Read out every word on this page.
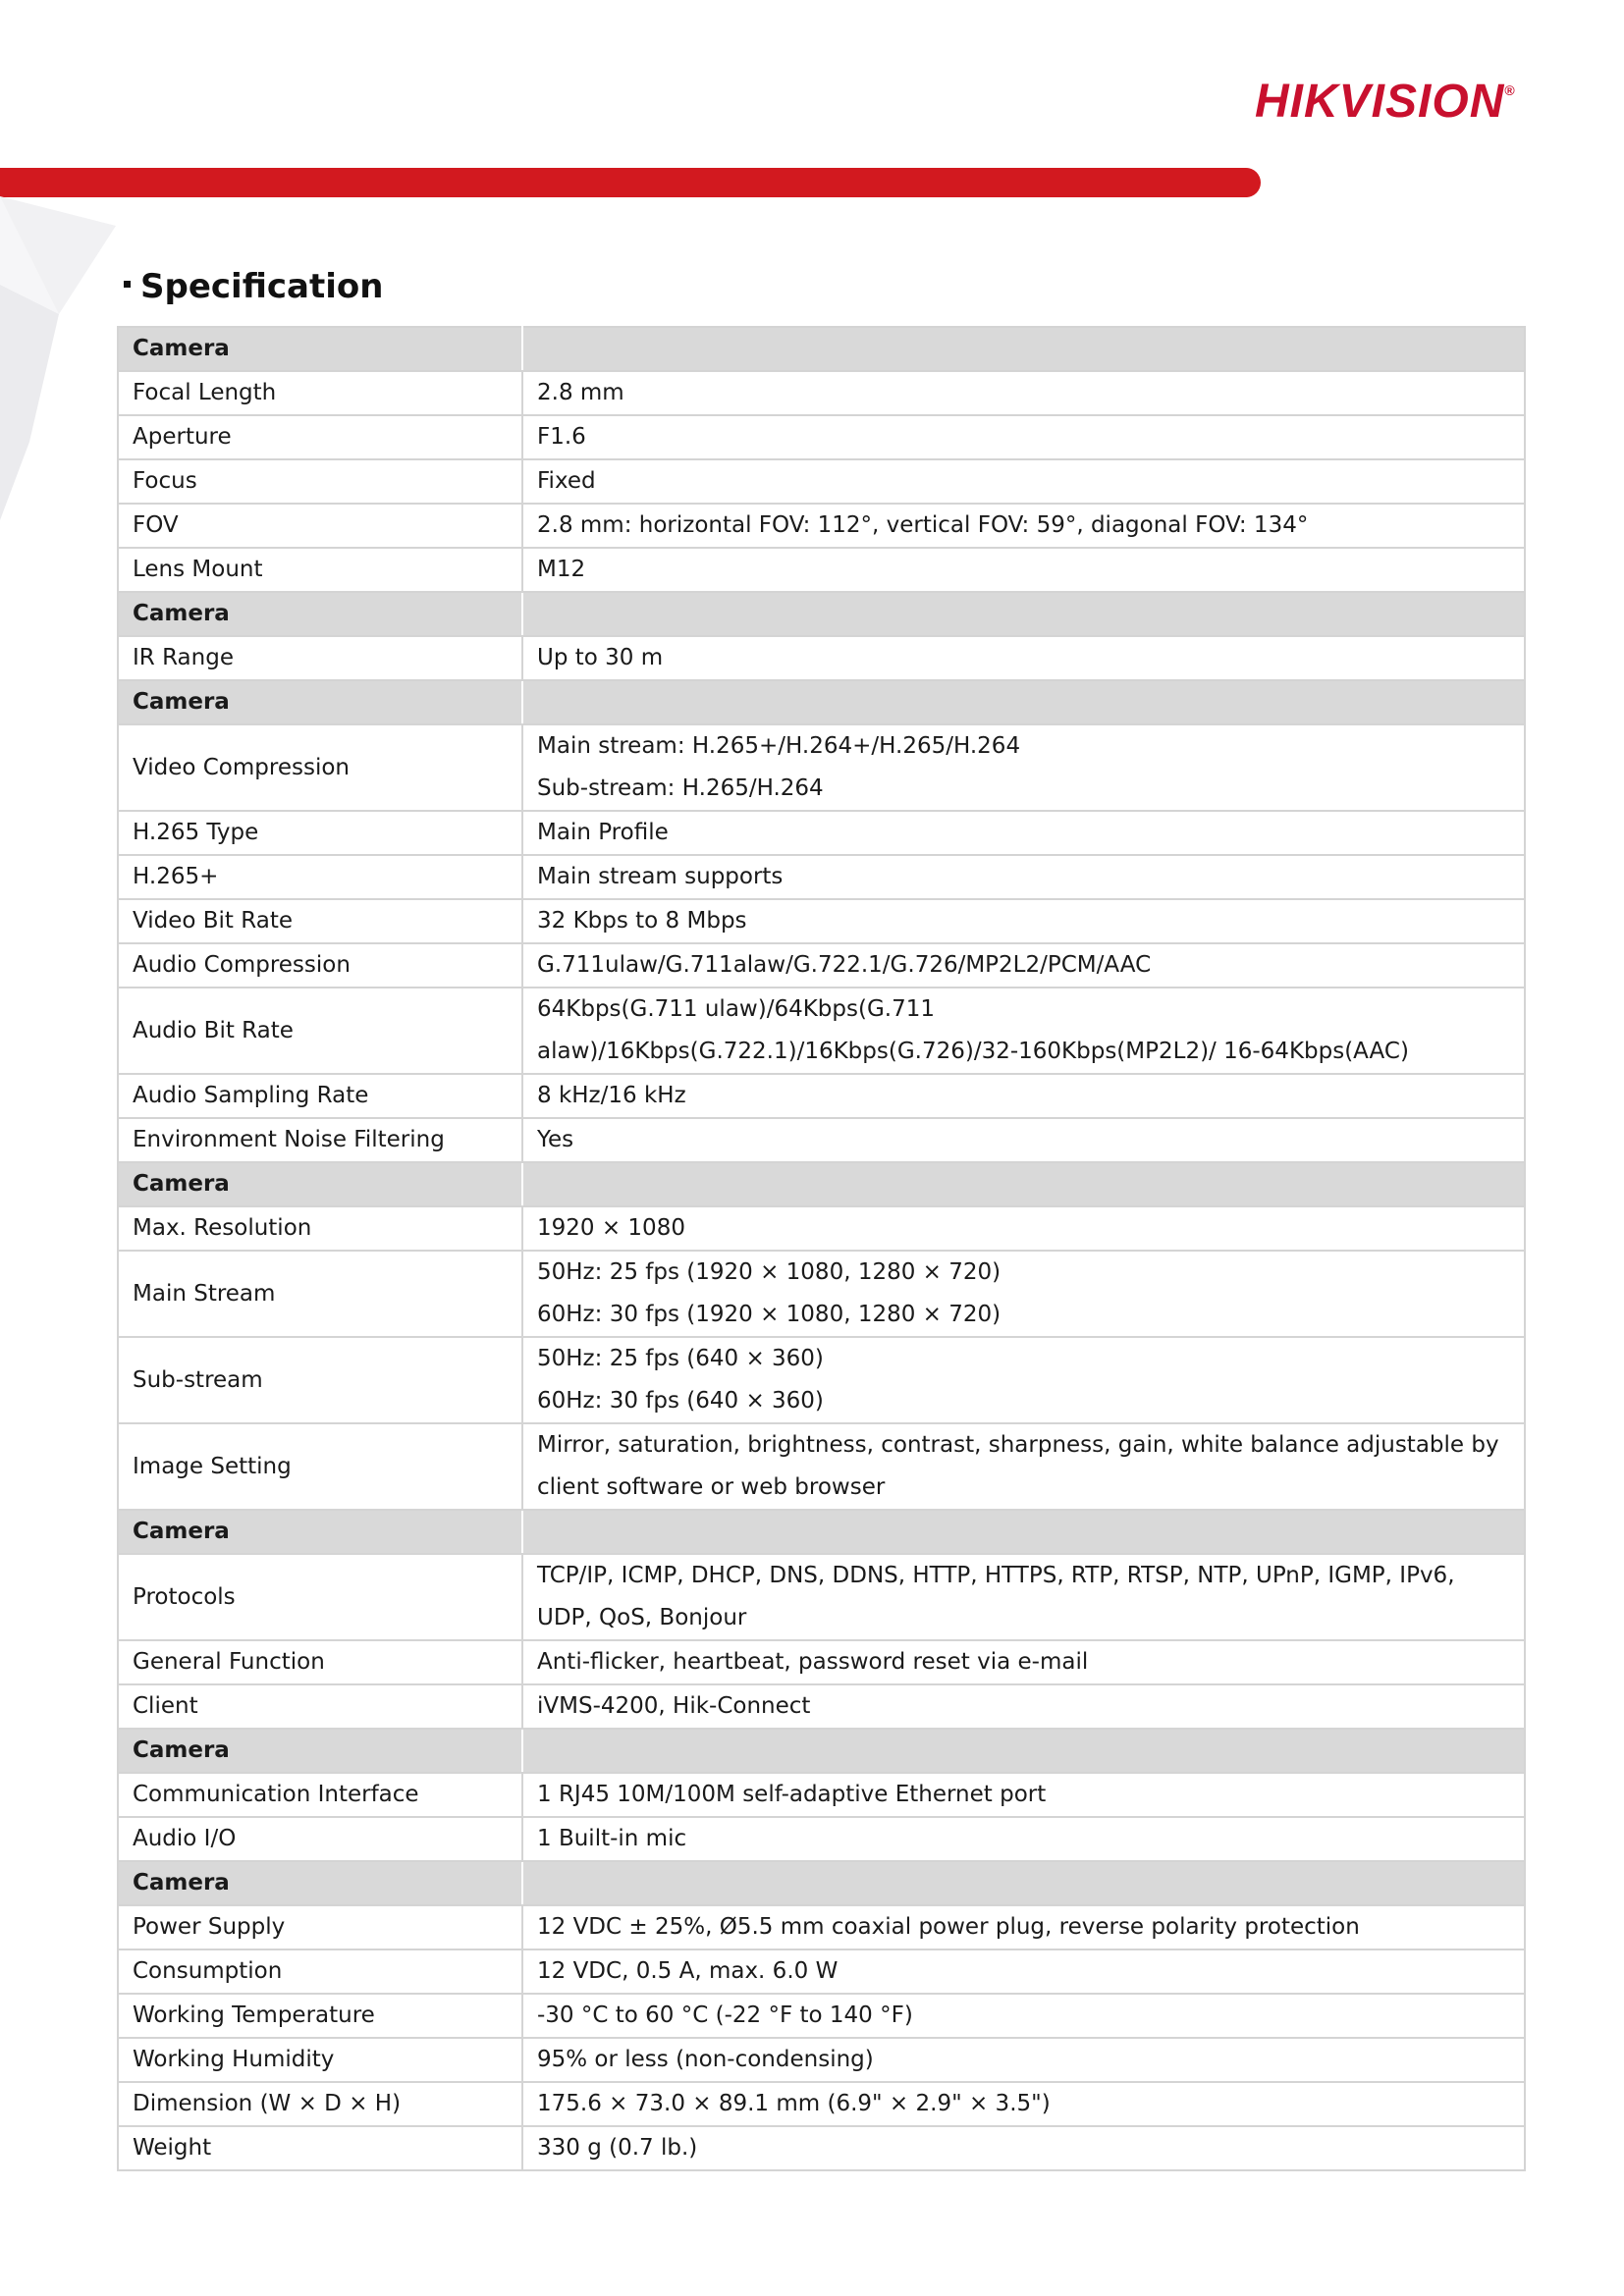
HIKVISION®
Specification
Camera	
Focal Length	2.8 mm

Aperture	F1.6

Focus	Fixed

FOV	2.8 mm: horizontal FOV: 112°, vertical FOV: 59°, diagonal FOV: 134°

Lens Mount	M12

Camera	
IR Range	Up to 30 m

Camera	
Video Compression	Main stream: H.265+/H.264+/H.265/H.264
Sub-stream: H.265/H.264

H.265 Type	Main Profile

H.265+	Main stream supports

Video Bit Rate	32 Kbps to 8 Mbps

Audio Compression	G.711ulaw/G.711alaw/G.722.1/G.726/MP2L2/PCM/AAC

Audio Bit Rate	64Kbps(G.711 ulaw)/64Kbps(G.711
alaw)/16Kbps(G.722.1)/16Kbps(G.726)/32-160Kbps(MP2L2)/ 16-64Kbps(AAC)

Audio Sampling Rate	8 kHz/16 kHz

Environment Noise Filtering	Yes

Camera	
Max. Resolution	1920 × 1080

Main Stream	50Hz: 25 fps (1920 × 1080, 1280 × 720)
60Hz: 30 fps (1920 × 1080, 1280 × 720)

Sub-stream	50Hz: 25 fps (640 × 360)
60Hz: 30 fps (640 × 360)

Image Setting	Mirror, saturation, brightness, contrast, sharpness, gain, white balance adjustable by
client software or web browser

Camera	
Protocols	TCP/IP, ICMP, DHCP, DNS, DDNS, HTTP, HTTPS, RTP, RTSP, NTP, UPnP, IGMP, IPv6,
UDP, QoS, Bonjour

General Function	Anti-flicker, heartbeat, password reset via e-mail

Client	iVMS-4200, Hik-Connect

Camera	
Communication Interface	1 RJ45 10M/100M self-adaptive Ethernet port

Audio I/O	1 Built-in mic

Camera	
Power Supply	12 VDC ± 25%, Ø5.5 mm coaxial power plug, reverse polarity protection

Consumption	12 VDC, 0.5 A, max. 6.0 W

Working Temperature	-30 °C to 60 °C (-22 °F to 140 °F)

Working Humidity	95% or less (non-condensing)

Dimension (W × D × H)	175.6 × 73.0 × 89.1 mm (6.9" × 2.9" × 3.5")

Weight	330 g (0.7 lb.)
